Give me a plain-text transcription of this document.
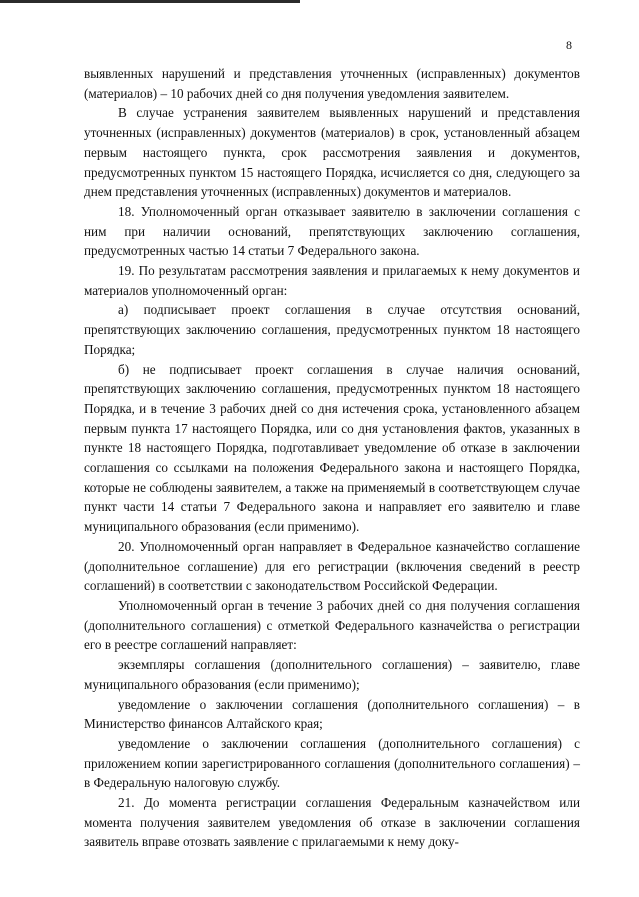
8

выявленных нарушений и представления уточненных (исправленных) документов (материалов) – 10 рабочих дней со дня получения уведомления заявителем.

В случае устранения заявителем выявленных нарушений и представления уточненных (исправленных) документов (материалов) в срок, установленный абзацем первым настоящего пункта, срок рассмотрения заявления и документов, предусмотренных пунктом 15 настоящего Порядка, исчисляется со дня, следующего за днем представления уточненных (исправленных) документов и материалов.

18. Уполномоченный орган отказывает заявителю в заключении соглашения с ним при наличии оснований, препятствующих заключению соглашения, предусмотренных частью 14 статьи 7 Федерального закона.

19. По результатам рассмотрения заявления и прилагаемых к нему документов и материалов уполномоченный орган:

а) подписывает проект соглашения в случае отсутствия оснований, препятствующих заключению соглашения, предусмотренных пунктом 18 настоящего Порядка;

б) не подписывает проект соглашения в случае наличия оснований, препятствующих заключению соглашения, предусмотренных пунктом 18 настоящего Порядка, и в течение 3 рабочих дней со дня истечения срока, установленного абзацем первым пункта 17 настоящего Порядка, или со дня установления фактов, указанных в пункте 18 настоящего Порядка, подготавливает уведомление об отказе в заключении соглашения со ссылками на положения Федерального закона и настоящего Порядка, которые не соблюдены заявителем, а также на применяемый в соответствующем случае пункт части 14 статьи 7 Федерального закона и направляет его заявителю и главе муниципального образования (если применимо).

20. Уполномоченный орган направляет в Федеральное казначейство соглашение (дополнительное соглашение) для его регистрации (включения сведений в реестр соглашений) в соответствии с законодательством Российской Федерации.

Уполномоченный орган в течение 3 рабочих дней со дня получения соглашения (дополнительного соглашения) с отметкой Федерального казначейства о регистрации его в реестре соглашений направляет:

экземпляры соглашения (дополнительного соглашения) – заявителю, главе муниципального образования (если применимо);

уведомление о заключении соглашения (дополнительного соглашения) – в Министерство финансов Алтайского края;

уведомление о заключении соглашения (дополнительного соглашения) с приложением копии зарегистрированного соглашения (дополнительного соглашения) – в Федеральную налоговую службу.

21. До момента регистрации соглашения Федеральным казначейством или момента получения заявителем уведомления об отказе в заключении соглашения заявитель вправе отозвать заявление с прилагаемыми к нему доку-
